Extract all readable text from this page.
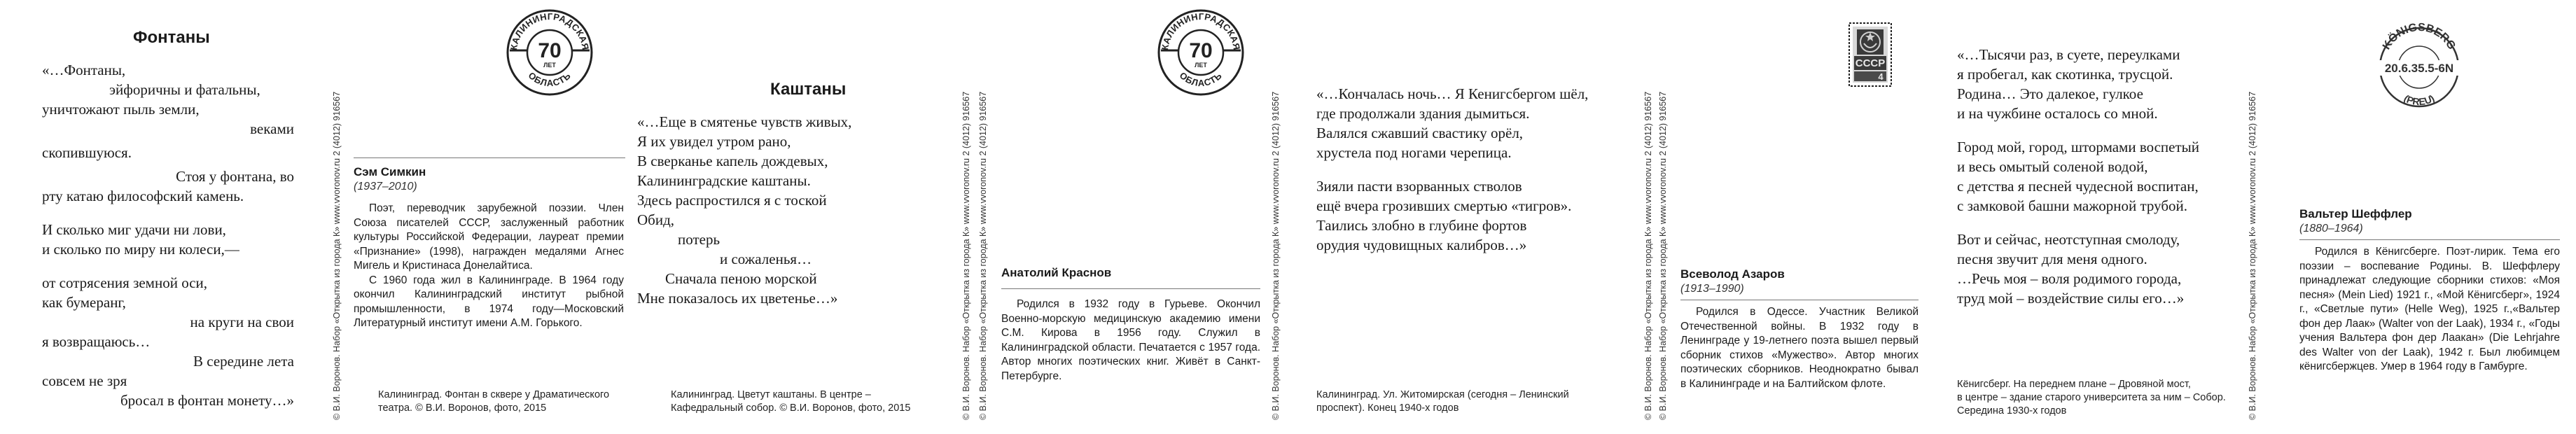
Фонтаны
«…Фонтаны,
эйфоричны и фатальны,
уничтожают пыль земли,
веками
скопившуюся.
Стоя у фонтана, во
рту катаю философский камень.
И сколько миг удачи ни лови,
и сколько по миру ни колеси,—
от сотрясения земной оси,
как бумеранг,
на круги на свои
я возвращаюсь…
В середине лета
совсем не зря
бросал в фонтан монету…»	© В.И. Воронов. Набор «Открытка из города К» www.vvoronov.ru 2 (4012) 916567
КАЛИНИНГРАДСКАЯ
ОБЛАСТЬ
70
ЛЕТ
Сэм Симкин
(1937–2010)

Поэт, переводчик зарубежной поэзии. Член Союза писателей СССР, заслуженный работник культуры Российской Федерации, лауреат премии «Признание» (1998), награжден медалями Агнес Мигель и Кристинаса Донелайтиса.

С 1960 года жил в Калининграде. В 1964 году окончил Калининградский институт рыбной промышленности, в 1974 году—Московский Литературный институт имени А.М. Горького.

Калининград. Фонтан в сквере у Драматического
театра. © В.И. Воронов, фото, 2015
Каштаны
«…Еще в смятенье чувств живых,
Я их увидел утром рано,
В сверканье капель дождевых,
Калининградские каштаны.
Здесь распростился я с тоской
Обид,
потерь
и сожаленья…
Сначала пеною морской
Мне показалось их цветенье…»
Калининград. Цветут каштаны. В центре –
Кафедральный собор. © В.И. Воронов, фото, 2015	© В.И. Воронов. Набор «Открытка из города К» www.vvoronov.ru 2 (4012) 916567 © В.И. Воронов. Набор «Открытка из города К» www.vvoronov.ru 2 (4012) 916567 Анатолий Краснов

Родился в 1932 году в Гурьеве. Окончил Военно-морскую медицинскую академию имени С.М. Кирова в 1956 году. Служил в Калининградской области. Печатается с 1957 года. Автор многих поэтических книг. Живёт в Санкт-Петербурге.	© В.И. Воронов. Набор «Открытка из города К» www.vvoronov.ru 2 (4012) 916567
КАЛИНИНГРАДСКАЯ
ОБЛАСТЬ
70
ЛЕТ
«…Кончалась ночь… Я Кенигсбергом шёл,
где продолжали здания дымиться.
Валялся сжавший свастику орёл,
хрустела под ногами черепица.
Зияли пасти взорванных стволов
ещё вчера грозивших смертью «тигров».
Таились злобно в глубине фортов
орудия чудовищных калибров…»
Калининград. Ул. Житомирская (сегодня – Ленинский
проспект). Конец 1940-х годов	© В.И. Воронов. Набор «Открытка из города К» www.vvoronov.ru 2 (4012) 916567 © В.И. Воронов. Набор «Открытка из города К» www.vvoronov.ru 2 (4012) 916567
СССР
4
Всеволод Азаров
(1913–1990)

Родился в Одессе. Участник Великой Отечественной войны. В 1932 году в Ленинграде у 19-летнего поэта вышел первый сборник стихов «Мужество». Автор многих поэтических сборников. Неоднократно бывал в Калининграде и на Балтийском флоте.

«…Тысячи раз, в суете, переулками
я пробегал, как скотинка, трусцой.
Родина… Это далекое, гулкое
и на чужбине осталось со мной.
Город мой, город, штормами воспетый
и весь омытый соленой водой,
с детства я песней чудесной воспитан,
с замковой башни мажорной трубой.
Вот и сейчас, неотступная смолоду,
песня звучит для меня одного.
…Речь моя – воля родимого города,
труд мой – воздействие силы его…»
Кёнигсберг. На переднем плане – Дровяной мост,
в центре – здание старого университета за ним – Собор.
Середина 1930-х годов	© В.И. Воронов. Набор «Открытка из города К» www.vvoronov.ru 2 (4012) 916567
KÖNIGSBERG
(PREU)
20.6.35.5-6N
Вальтер Шеффлер
(1880–1964)

Родился в Кёнигсберге. Поэт-лирик. Тема его поэзии – воспевание Родины. В. Шеффлеру принадлежат следующие сборники стихов: «Моя песня» (Mein Lied) 1921 г., «Мой Кёнигсберг», 1924 г., «Светлые пути» (Helle Weg), 1925 г.,«Вальтер фон дер Лаак» (Walter von der Laak), 1934 г., «Годы учения Вальтера фон дер Лаакан» (Die Lehrjahre des Walter von der Laak), 1942 г. Был любимцем кёнигсбержцев. Умер в 1964 году в Гамбурге.
